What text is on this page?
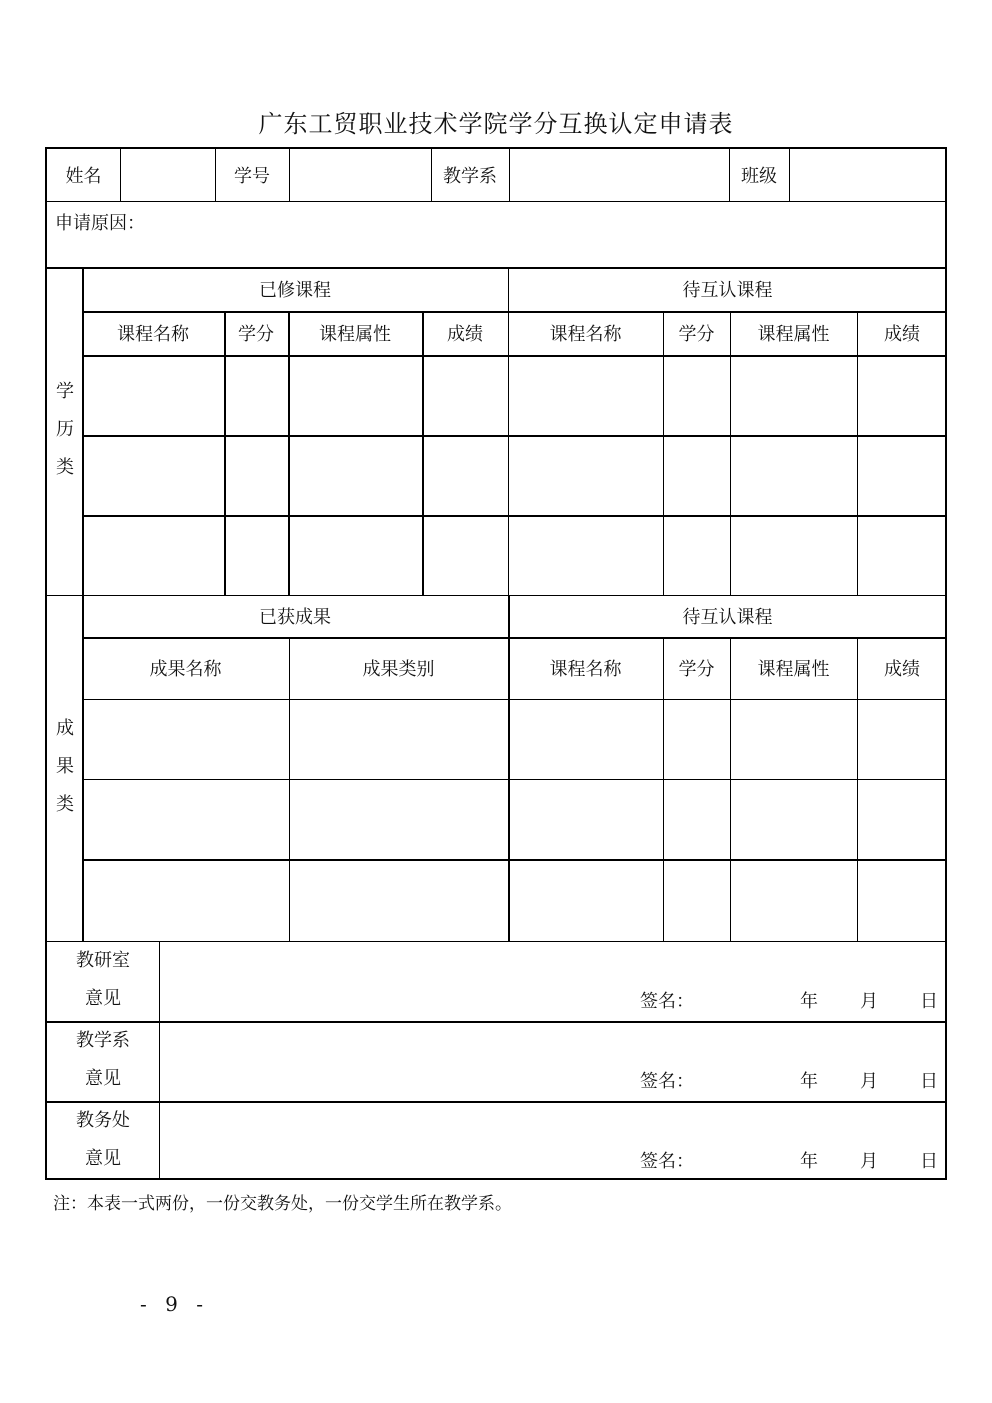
广东工贸职业技术学院学分互换认定申请表
姓名	学号	教学系	班级
申请原因：
学
历
类
已修课程	待互认课程
课程名称	学分	课程属性	成绩	课程名称	学分	课程属性	成绩
成
果
类
已获成果	待互认课程
成果名称	成果类别	课程名称	学分	课程属性	成绩
教研室
意见	签名：	年 月 日
教学系
意见	签名：	年 月 日
教务处
意见	签名：	年 月 日
注：本表一式两份，一份交教务处，一份交学生所在教学系。
- 9 -
